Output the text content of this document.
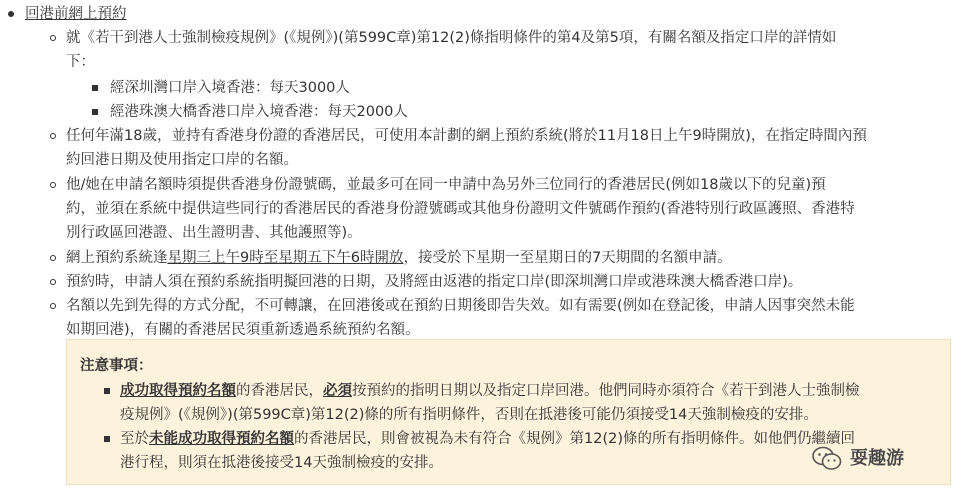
回港前網上預約
就《若干到港人士強制檢疫規例》(《規例》)(第599C章)第12(2)條指明條件的第4及第5項，有關名額及指定口岸的詳情如
下：
經深圳灣口岸入境香港：每天3000人
經港珠澳大橋香港口岸入境香港：每天2000人
任何年滿18歲，並持有香港身份證的香港居民，可使用本計劃的網上預約系統(將於11月18日上午9時開放)，在指定時間內預
約回港日期及使用指定口岸的名額。
他/她在申請名額時須提供香港身份證號碼，並最多可在同一申請中為另外三位同行的香港居民(例如18歲以下的兒童)預
約，並須在系統中提供這些同行的香港居民的香港身份證號碼或其他身份證明文件號碼作預約(香港特別行政區護照、香港特
別行政區回港證、出生證明書、其他護照等)。
網上預約系統逢星期三上午9時至星期五下午6時開放，接受於下星期一至星期日的7天期間的名額申請。
預約時，申請人須在預約系統指明擬回港的日期，及將經由返港的指定口岸(即深圳灣口岸或港珠澳大橋香港口岸)。
名額以先到先得的方式分配，不可轉讓，在回港後或在預約日期後即告失效。如有需要(例如在登記後，申請人因事突然未能
如期回港)，有關的香港居民須重新透過系統預約名額。
注意事項：
成功取得預約名額的香港居民，必須按預約的指明日期以及指定口岸回港。他們同時亦須符合《若干到港人士強制檢
疫規例》(《規例》)(第599C章)第12(2)條的所有指明條件，否則在抵港後可能仍須接受14天強制檢疫的安排。
至於未能成功取得預約名額的香港居民，則會被視為未有符合《規例》第12(2)條的所有指明條件。如他們仍繼續回
港行程，則須在抵港後接受14天強制檢疫的安排。	耍趣游
